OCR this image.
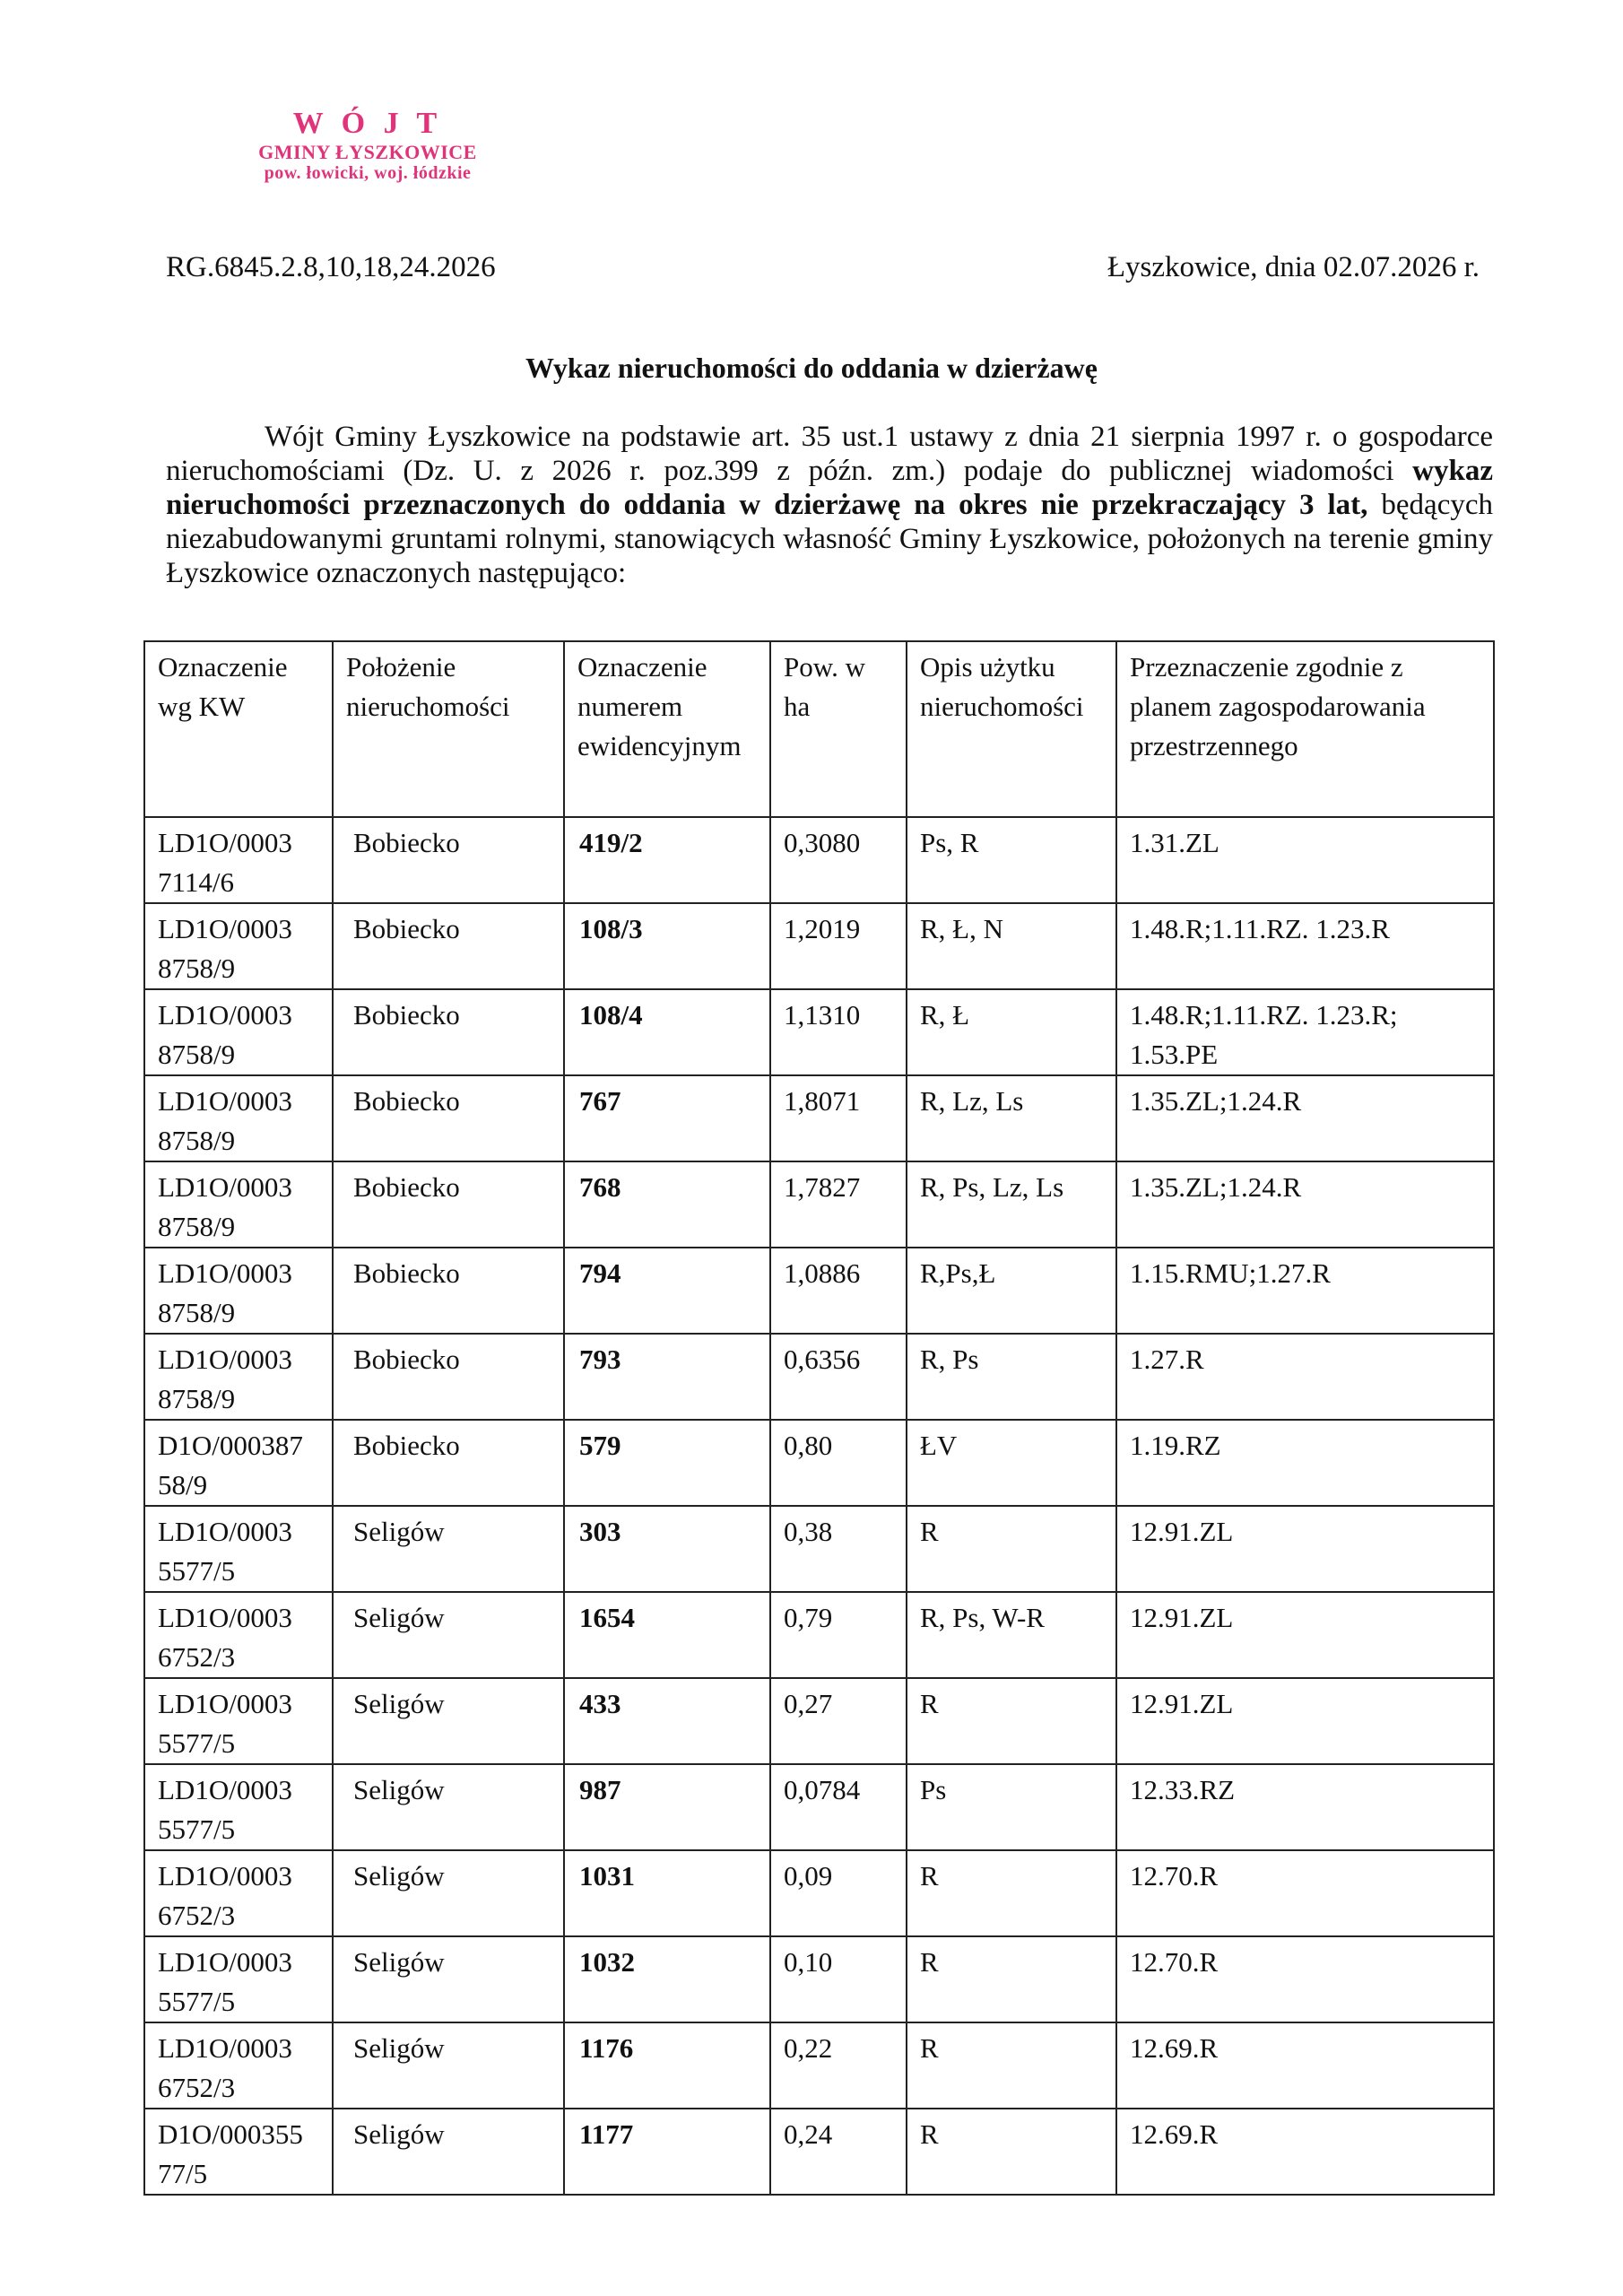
W Ó J T
GMINY ŁYSZKOWICE
pow. łowicki, woj. łódzkie
RG.6845.2.8,10,18,24.2026	Łyszkowice, dnia 02.07.2026 r.
Wykaz nieruchomości do oddania w dzierżawę

Wójt Gminy Łyszkowice na podstawie art. 35 ust.1 ustawy z dnia 21 sierpnia 1997 r. o gospodarce nieruchomościami (Dz. U. z 2026 r. poz.399 z późn. zm.) podaje do publicznej wiadomości wykaz nieruchomości przeznaczonych do oddania w dzierżawę na okres nie przekraczający 3 lat, będących niezabudowanymi gruntami rolnymi, stanowiących własność Gminy Łyszkowice, położonych na terenie gminy Łyszkowice oznaczonych następująco:

Oznaczenie wg KW	Położenie nieruchomości	Oznaczenie numerem ewidencyjnym	Pow. w ha	Opis użytku nieruchomości	Przeznaczenie zgodnie z planem zagospodarowania przestrzennego
LD1O/0003 7114/6	Bobiecko	419/2	0,3080	Ps, R	1.31.ZL
LD1O/0003 8758/9	Bobiecko	108/3	1,2019	R, Ł, N	1.48.R;1.11.RZ. 1.23.R
LD1O/0003 8758/9	Bobiecko	108/4	1,1310	R, Ł	1.48.R;1.11.RZ. 1.23.R; 1.53.PE
LD1O/0003 8758/9	Bobiecko	767	1,8071	R, Lz, Ls	1.35.ZL;1.24.R
LD1O/0003 8758/9	Bobiecko	768	1,7827	R, Ps, Lz, Ls	1.35.ZL;1.24.R
LD1O/0003 8758/9	Bobiecko	794	1,0886	R,Ps,Ł	1.15.RMU;1.27.R
LD1O/0003 8758/9	Bobiecko	793	0,6356	R, Ps	1.27.R
D1O/000387 58/9	Bobiecko	579	0,80	ŁV	1.19.RZ
LD1O/0003 5577/5	Seligów	303	0,38	R	12.91.ZL
LD1O/0003 6752/3	Seligów	1654	0,79	R, Ps, W-R	12.91.ZL
LD1O/0003 5577/5	Seligów	433	0,27	R	12.91.ZL
LD1O/0003 5577/5	Seligów	987	0,0784	Ps	12.33.RZ
LD1O/0003 6752/3	Seligów	1031	0,09	R	12.70.R
LD1O/0003 5577/5	Seligów	1032	0,10	R	12.70.R
LD1O/0003 6752/3	Seligów	1176	0,22	R	12.69.R
D1O/000355 77/5	Seligów	1177	0,24	R	12.69.R
